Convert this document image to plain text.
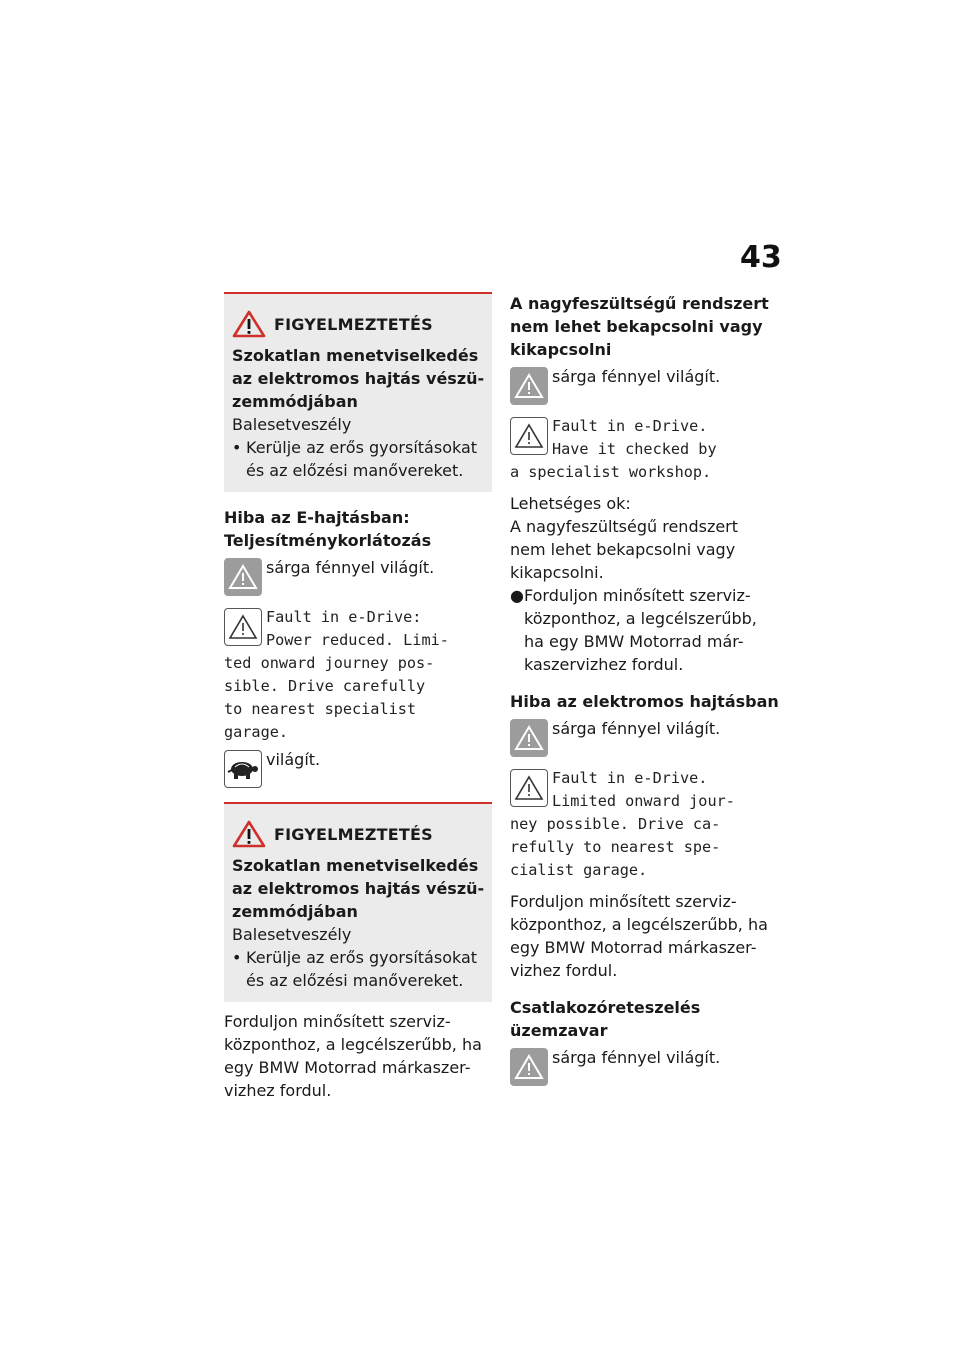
43
FIGYELMEZTETÉS
Szokatlan menetviselkedés
az elektromos hajtás vészü-
zemmódjában
Balesetveszély
• Kerülje az erős gyorsításokat
és az előzési manővereket.
Hiba az E-hajtásban:
Teljesítménykorlátozás
sárga fénnyel világít.
Fault in e-Drive:
Power reduced. Limi-
ted onward journey pos-
sible. Drive carefully
to nearest specialist
garage.
világít.
FIGYELMEZTETÉS
Szokatlan menetviselkedés
az elektromos hajtás vészü-
zemmódjában
Balesetveszély
• Kerülje az erős gyorsításokat
és az előzési manővereket.
Forduljon minősített szerviz-
központhoz, a legcélszerűbb, ha
egy BMW Motorrad márkaszer-
vizhez fordul.
A nagyfeszültségű rendszert
nem lehet bekapcsolni vagy
kikapcsolni
sárga fénnyel világít.
Fault in e-Drive.
Have it checked by
a specialist workshop.
Lehetséges ok:
A nagyfeszültségű rendszert
nem lehet bekapcsolni vagy
kikapcsolni.
● Forduljon minősített szerviz-
központhoz, a legcélszerűbb,
ha egy BMW Motorrad már-
kaszervizhez fordul.
Hiba az elektromos hajtásban
sárga fénnyel világít.
Fault in e-Drive.
Limited onward jour-
ney possible. Drive ca-
refully to nearest spe-
cialist garage.
Forduljon minősített szerviz-
központhoz, a legcélszerűbb, ha
egy BMW Motorrad márkaszer-
vizhez fordul.
Csatlakozóreteszelés
üzemzavar
sárga fénnyel világít.
